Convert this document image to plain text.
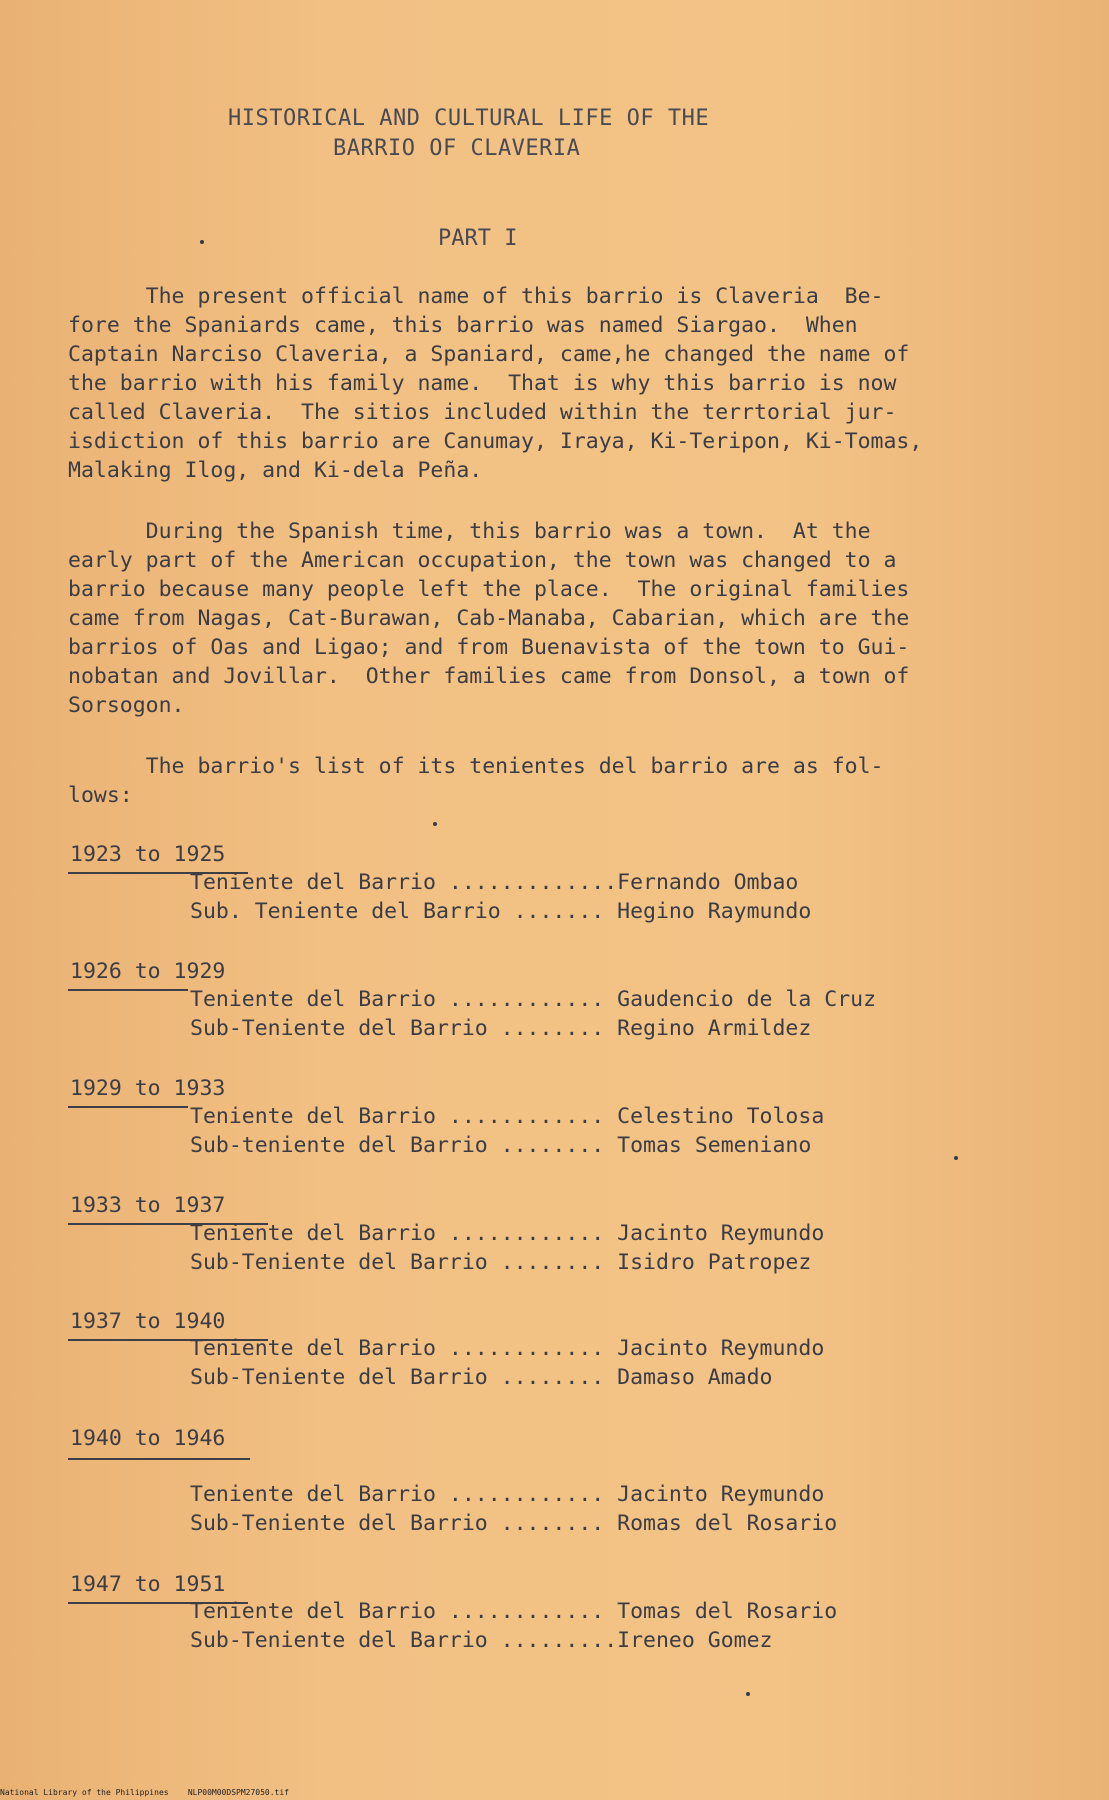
HISTORICAL AND CULTURAL LIFE OF THE
BARRIO OF CLAVERIA
PART I
The present official name of this barrio is Claveria  Be-
fore the Spaniards came, this barrio was named Siargao.  When
Captain Narciso Claveria, a Spaniard, came,he changed the name of
the barrio with his family name.  That is why this barrio is now
called Claveria.  The sitios included within the terrtorial jur-
isdiction of this barrio are Canumay, Iraya, Ki-Teripon, Ki-Tomas,
Malaking Ilog, and Ki-dela Peña.
During the Spanish time, this barrio was a town.  At the
early part of the American occupation, the town was changed to a
barrio because many people left the place.  The original families
came from Nagas, Cat-Burawan, Cab-Manaba, Cabarian, which are the
barrios of Oas and Ligao; and from Buenavista of the town to Gui-
nobatan and Jovillar.  Other families came from Donsol, a town of
Sorsogon.
The barrio's list of its tenientes del barrio are as fol-
lows:
1923 to 1925
Teniente del Barrio .............Fernando Ombao
Sub. Teniente del Barrio ....... Hegino Raymundo
1926 to 1929
Teniente del Barrio ............ Gaudencio de la Cruz
Sub-Teniente del Barrio ........ Regino Armildez
1929 to 1933
Teniente del Barrio ............ Celestino Tolosa
Sub-teniente del Barrio ........ Tomas Semeniano
1933 to 1937
Teniente del Barrio ............ Jacinto Reymundo
Sub-Teniente del Barrio ........ Isidro Patropez
1937 to 1940
Teniente del Barrio ............ Jacinto Reymundo
Sub-Teniente del Barrio ........ Damaso Amado
1940 to 1946
Teniente del Barrio ............ Jacinto Reymundo
Sub-Teniente del Barrio ........ Romas del Rosario
1947 to 1951
Teniente del Barrio ............ Tomas del Rosario
Sub-Teniente del Barrio .........Ireneo Gomez
National Library of the Philippines    NLP00M00DSPM27050.tif
